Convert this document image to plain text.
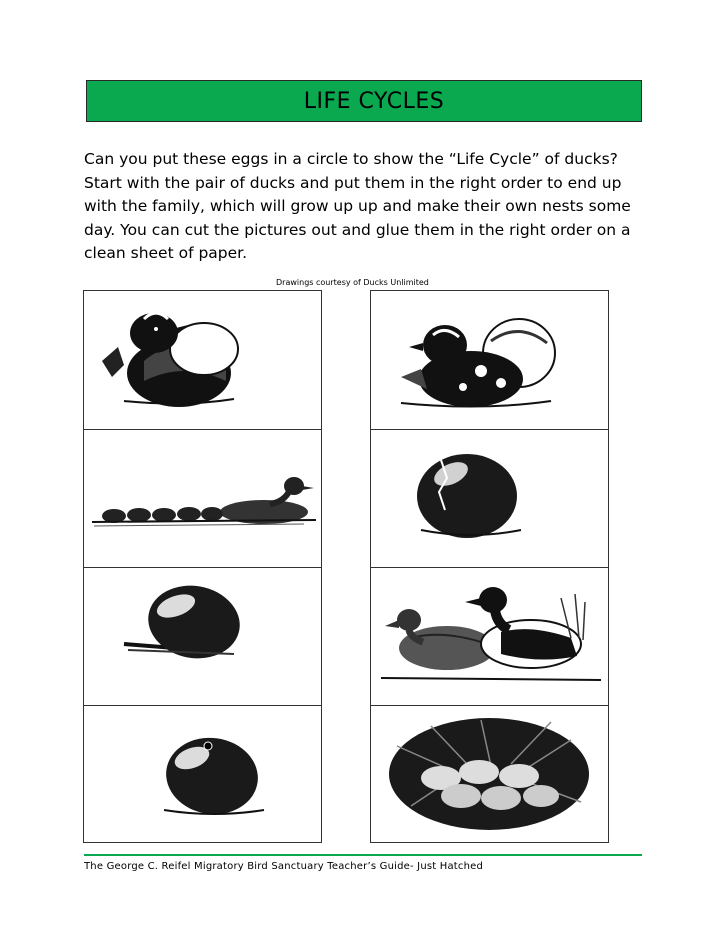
LIFE CYCLES

Can you put these eggs in a circle to show the “Life Cycle” of ducks? Start with the pair of ducks and put them in the right order to end up with the family, which will grow up up and make their own nests some day. You can cut the pictures out and glue them in the right order on a clean sheet of paper.

Drawings courtesy of Ducks Unlimited
The George C. Reifel Migratory Bird Sanctuary Teacher’s Guide- Just Hatched
